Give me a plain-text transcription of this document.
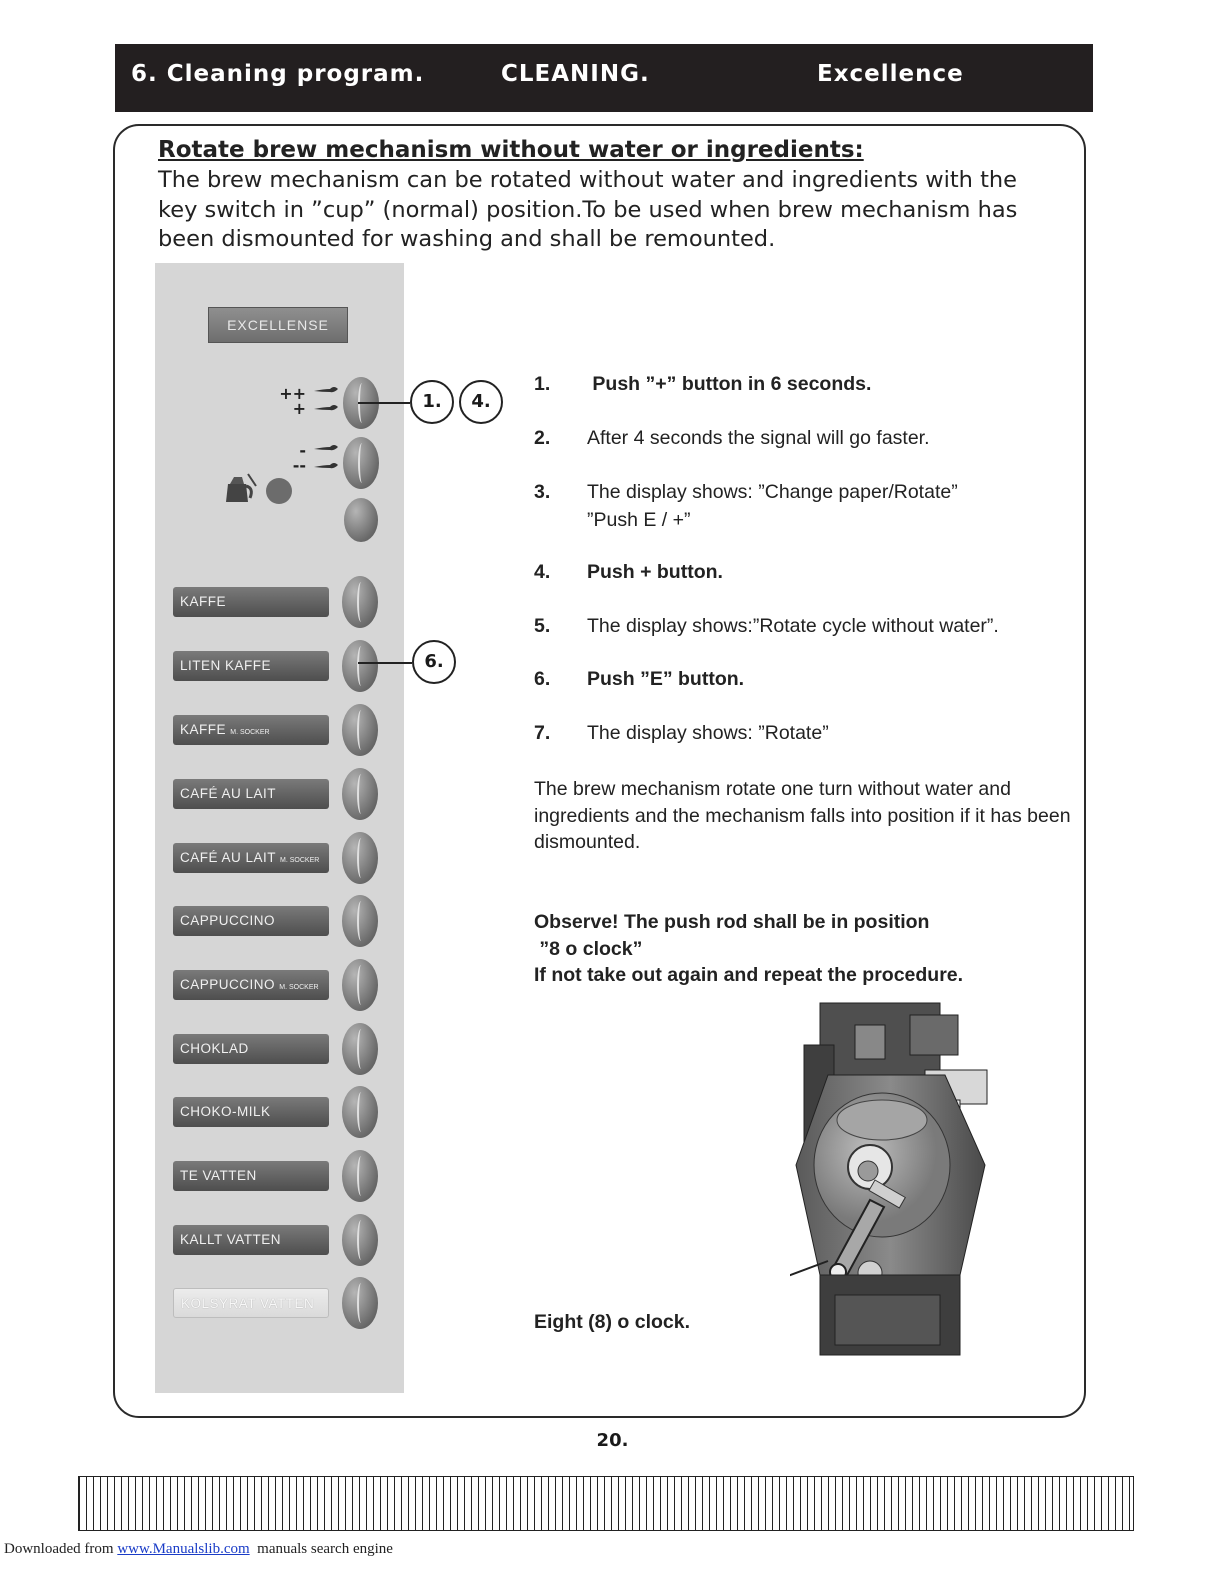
6. Cleaning program.	CLEANING.	Excellence
Rotate brew mechanism without water or ingredients:
The brew mechanism can be rotated without water and ingredients with the
key switch in ”cup” (normal) position.To be used when brew mechanism has
been dismounted for washing and shall be remounted.
EXCELLENSE
++
+
-
--
KAFFE
LITEN KAFFE
KAFFE M. SOCKER
CAFÉ AU LAIT
CAFÉ AU LAIT M. SOCKER
CAPPUCCINO
CAPPUCCINO M. SOCKER
CHOKLAD
CHOKO-MILK
TE VATTEN
KALLT VATTEN
KOLSYRAT VATTEN
1.	4.
6.
1. Push ”+” button in 6 seconds.
2. After 4 seconds the signal will go faster.
3. The display shows: ”Change paper/Rotate”
”Push E / +”
4. Push + button.
5. The display shows:”Rotate cycle without water”.
6. Push ”E” button.
7. The display shows: ”Rotate”
The brew mechanism rotate one turn without water and ingredients and the mechanism falls into position if it has been dismounted.
Observe! The push rod shall be in position
”8 o clock”
If not take out again and repeat the procedure.
Eight (8) o clock.
20.
Downloaded from www.Manualslib.com  manuals search engine
